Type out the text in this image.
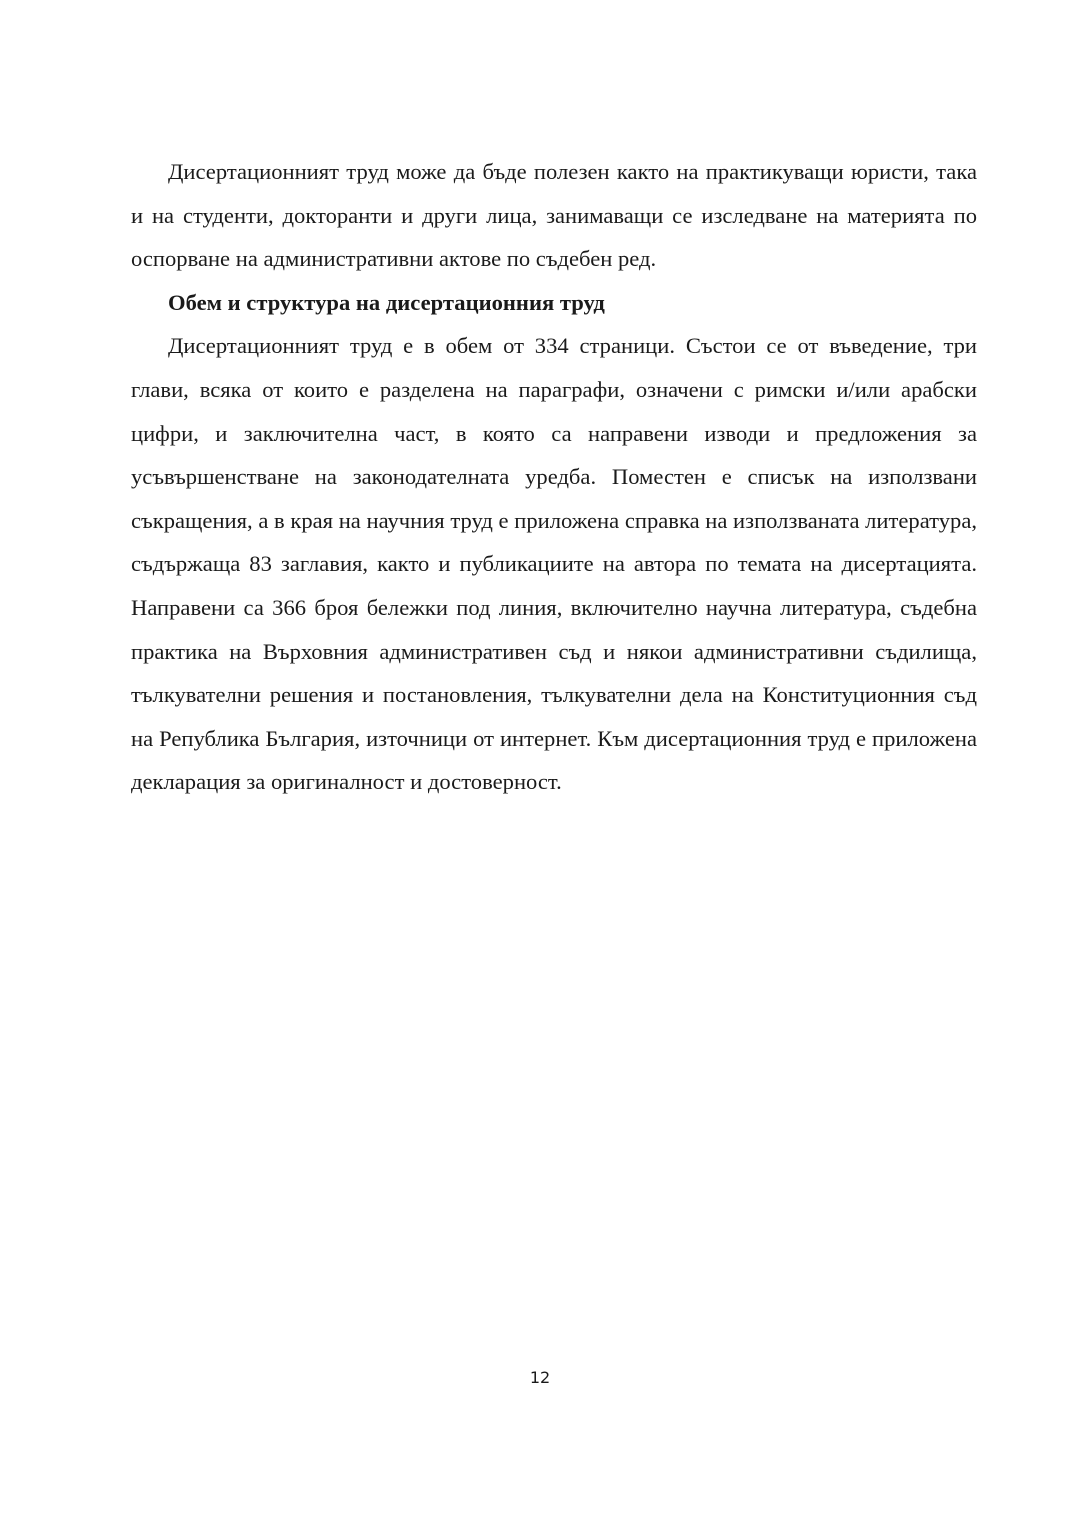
Дисертационният труд може да бъде полезен както на практикуващи юристи, така и на студенти, докторанти и други лица, занимаващи се изследване на материята по оспорване на административни актове по съдебен ред.

Обем и структура на дисертационния труд

Дисертационният труд е в обем от 334 страници. Състои се от въведение, три глави, всяка от които е разделена на параграфи, означени с римски и/или арабски цифри, и заключителна част, в която са направени изводи и предложения за усъвършенстване на законодателната уредба. Поместен е списък на използвани съкращения, а в края на научния труд е приложена справка на използваната литература, съдържаща 83 заглавия, както и публикациите на автора по темата на дисертацията. Направени са 366 броя бележки под линия, включително научна литература, съдебна практика на Върховния административен съд и някои административни съдилища, тълкувателни решения и постановления, тълкувателни дела на Конституционния съд на Република България, източници от интернет. Към дисертационния труд е приложена декларация за оригиналност и достоверност.

12
